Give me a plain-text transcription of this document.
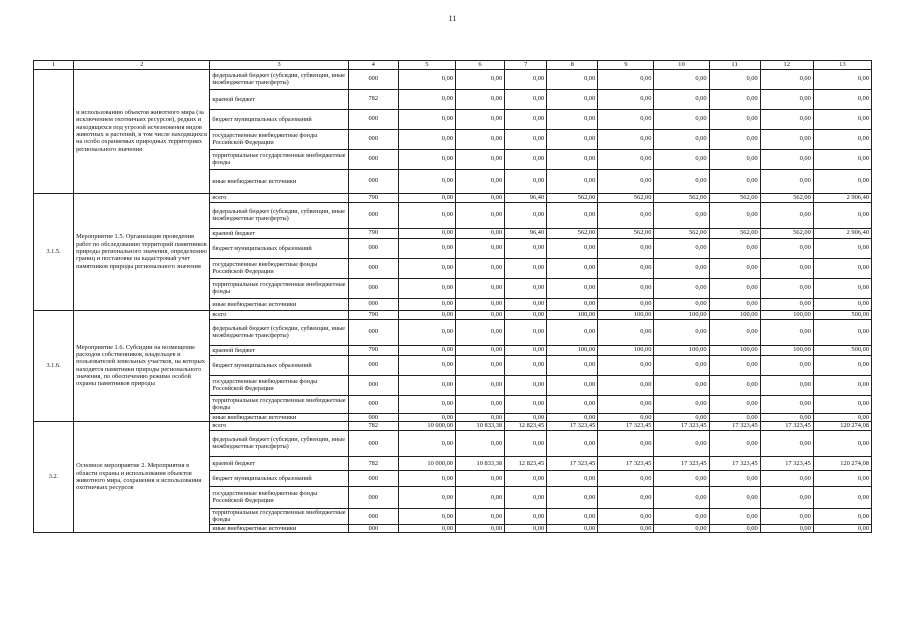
11
1	2	3	4	5	6	7	8	9	10	11	12	13
	и использованию объектов животного мира (за исключением охотничьих ресурсов), редких и находящихся под угрозой исчезновения видов животных и растений, в том числе находящихся на особо охраняемых природных территориях регионального значения	федеральный бюджет (субсидии, субвенции, иные межбюджетные трансферты)	000	0,00	0,00	0,00	0,00	0,00	0,00	0,00	0,00	0,00
		краевой бюджет	782	0,00	0,00	0,00	0,00	0,00	0,00	0,00	0,00	0,00
		бюджет муниципальных образований	000	0,00	0,00	0,00	0,00	0,00	0,00	0,00	0,00	0,00
		государственные внебюджетные фонды Российской Федерации	000	0,00	0,00	0,00	0,00	0,00	0,00	0,00	0,00	0,00
		территориальные государственные внебюджетные фонды	000	0,00	0,00	0,00	0,00	0,00	0,00	0,00	0,00	0,00
		иные внебюджетные источники	000	0,00	0,00	0,00	0,00	0,00	0,00	0,00	0,00	0,00
3.1.5.	Мероприятие 1.5. Организация проведения работ по обследованию территорий памятников природы регионального значения, определению границ и постановке на кадастровый учет памятников природы регионального значения	всего	790	0,00	0,00	96,40	562,00	562,00	562,00	562,00	562,00	2 906,40
		федеральный бюджет (субсидии, субвенции, иные межбюджетные трансферты)	000	0,00	0,00	0,00	0,00	0,00	0,00	0,00	0,00	0,00
		краевой бюджет	790	0,00	0,00	96,40	562,00	562,00	562,00	562,00	562,00	2 906,40
		бюджет муниципальных образований	000	0,00	0,00	0,00	0,00	0,00	0,00	0,00	0,00	0,00
		государственные внебюджетные фонды Российской Федерации	000	0,00	0,00	0,00	0,00	0,00	0,00	0,00	0,00	0,00
		территориальные государственные внебюджетные фонды	000	0,00	0,00	0,00	0,00	0,00	0,00	0,00	0,00	0,00
		иные внебюджетные источники	000	0,00	0,00	0,00	0,00	0,00	0,00	0,00	0,00	0,00
3.1.6.	Мероприятие 1.6. Субсидии на возмещение расходов собственников, владельцев и пользователей земельных участков, на которых находятся памятники природы регионального значения, по обеспечению режима особой охраны памятников природы	всего	790	0,00	0,00	0,00	100,00	100,00	100,00	100,00	100,00	500,00
		федеральный бюджет (субсидии, субвенции, иные межбюджетные трансферты)	000	0,00	0,00	0,00	0,00	0,00	0,00	0,00	0,00	0,00
		краевой бюджет	790	0,00	0,00	0,00	100,00	100,00	100,00	100,00	100,00	500,00
		бюджет муниципальных образований	000	0,00	0,00	0,00	0,00	0,00	0,00	0,00	0,00	0,00
		государственные внебюджетные фонды Российской Федерации	000	0,00	0,00	0,00	0,00	0,00	0,00	0,00	0,00	0,00
		территориальные государственные внебюджетные фонды	000	0,00	0,00	0,00	0,00	0,00	0,00	0,00	0,00	0,00
		иные внебюджетные источники	000	0,00	0,00	0,00	0,00	0,00	0,00	0,00	0,00	0,00
3.2.	Основное мероприятие 2. Мероприятия в области охраны и использования объектов животного мира, сохранения и использования охотничьих ресурсов	всего	782	10 000,00	10 833,38	12 823,45	17 323,45	17 323,45	17 323,45	17 323,45	17 323,45	120 274,08
		федеральный бюджет (субсидии, субвенции, иные межбюджетные трансферты)	000	0,00	0,00	0,00	0,00	0,00	0,00	0,00	0,00	0,00
		краевой бюджет	782	10 000,00	10 833,38	12 823,45	17 323,45	17 323,45	17 323,45	17 323,45	17 323,45	120 274,08
		бюджет муниципальных образований	000	0,00	0,00	0,00	0,00	0,00	0,00	0,00	0,00	0,00
		государственные внебюджетные фонды Российской Федерации	000	0,00	0,00	0,00	0,00	0,00	0,00	0,00	0,00	0,00
		территориальные государственные внебюджетные фонды	000	0,00	0,00	0,00	0,00	0,00	0,00	0,00	0,00	0,00
		иные внебюджетные источники	000	0,00	0,00	0,00	0,00	0,00	0,00	0,00	0,00	0,00
